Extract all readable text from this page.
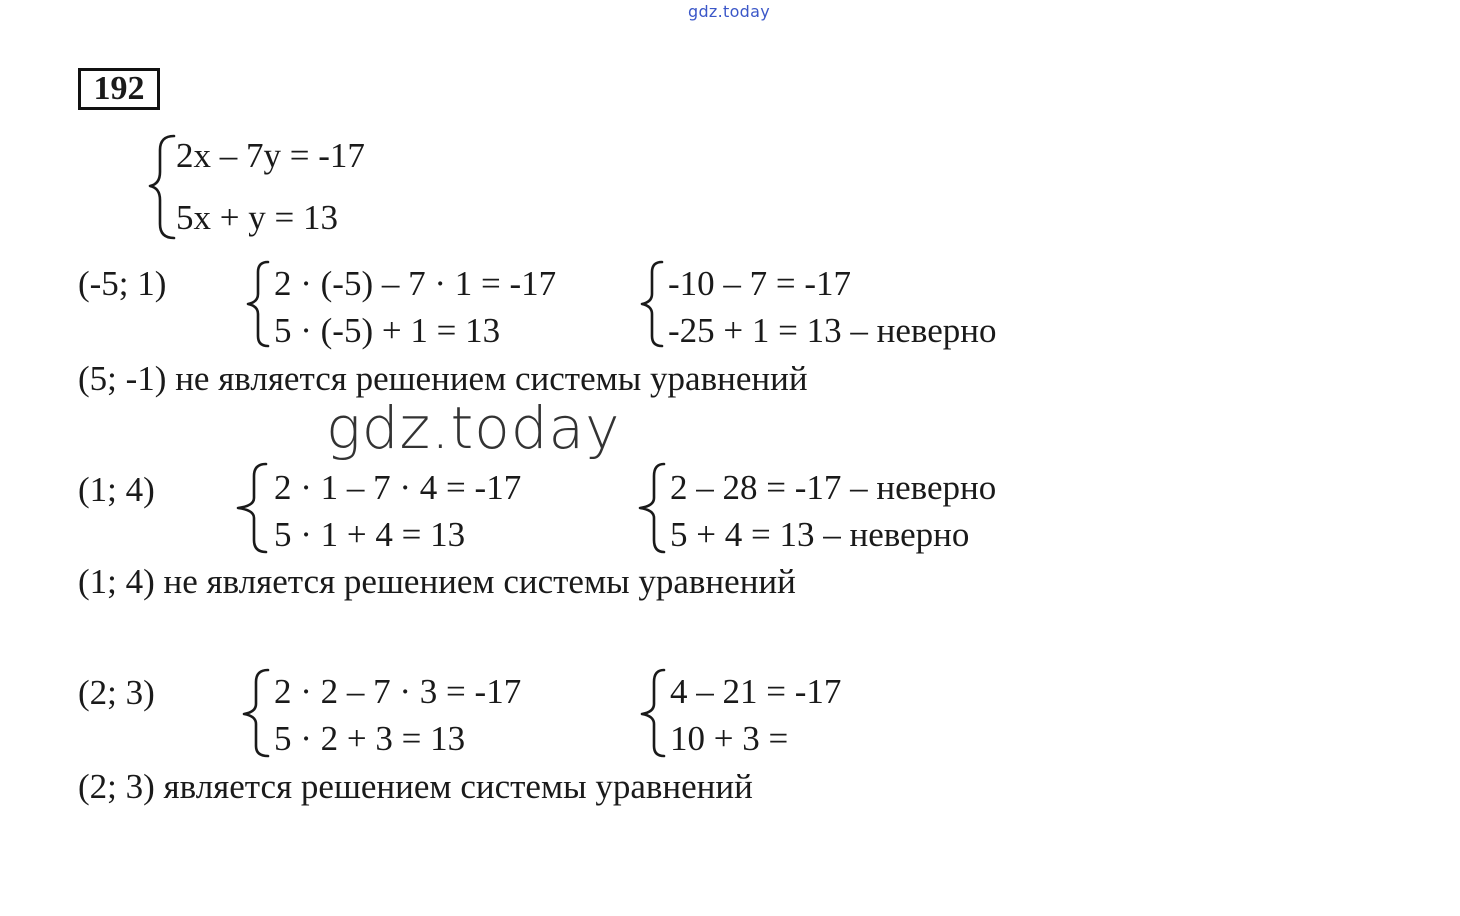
gdz.today
gdz.today
192
2x – 7y = -17
5x + y = 13
(-5; 1)	2 · (-5) – 7 · 1 = -17
5 · (-5) + 1 = 13
-10 – 7 = -17
-25 + 1 = 13 – неверно
(5; -1) не является решением системы уравнений
(1; 4)	2 · 1 – 7 · 4 = -17
5 · 1 + 4 = 13
2 – 28 = -17 – неверно
5 + 4 = 13 – неверно
(1; 4) не является решением системы уравнений
(2; 3)	2 · 2 – 7 · 3 = -17
5 · 2 + 3 = 13
4 – 21 = -17
10 + 3 =
(2; 3) является решением системы уравнений
